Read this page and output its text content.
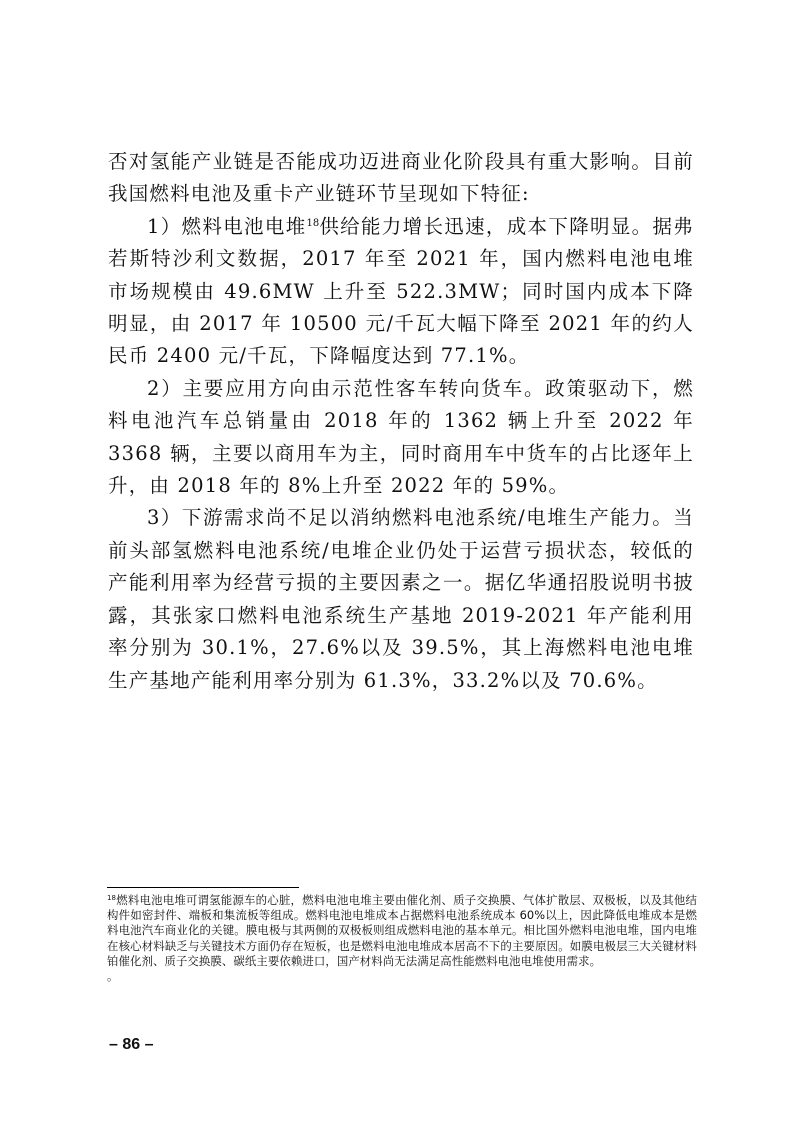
否对氢能产业链是否能成功迈进商业化阶段具有重大影响。目前我国燃料电池及重卡产业链环节呈现如下特征:

1）燃料电池电堆$^{18}$供给能力增长迅速，成本下降明显。据弗若斯特沙利文数据，2017 年至 2021 年，国内燃料电池电堆市场规模由 49.6MW 上升至 522.3MW；同时国内成本下降明显，由 2017 年 10500 元/千瓦大幅下降至 2021 年的约人民币 2400 元/千瓦，下降幅度达到 77.1%。

2）主要应用方向由示范性客车转向货车。政策驱动下，燃料电池汽车总销量由 2018 年的 1362 辆上升至 2022 年 3368 辆，主要以商用车为主，同时商用车中货车的占比逐年上升，由 2018 年的 8%上升至 2022 年的 59%。

3）下游需求尚不足以消纳燃料电池系统/电堆生产能力。当前头部氢燃料电池系统/电堆企业仍处于运营亏损状态，较低的产能利用率为经营亏损的主要因素之一。据亿华通招股说明书披露，其张家口燃料电池系统生产基地 2019-2021 年产能利用率分别为 30.1%，27.6%以及 39.5%，其上海燃料电池电堆生产基地产能利用率分别为 61.3%，33.2%以及 70.6%。

$^{18}$燃料电池电堆可谓氢能源车的心脏，燃料电池电堆主要由催化剂、质子交换膜、气体扩散层、双极板，以及其他结构件如密封件、端板和集流板等组成。燃料电池电堆成本占据燃料电池系统成本 60%以上，因此降低电堆成本是燃料电池汽车商业化的关键。膜电极与其两侧的双极板则组成燃料电池的基本单元。相比国外燃料电池电堆，国内电堆在核心材料缺乏与关键技术方面仍存在短板，也是燃料电池电堆成本居高不下的主要原因。如膜电极层三大关键材料铂催化剂、质子交换膜、碳纸主要依赖进口，国产材料尚无法满足高性能燃料电池电堆使用需求。
。

– 86 –
